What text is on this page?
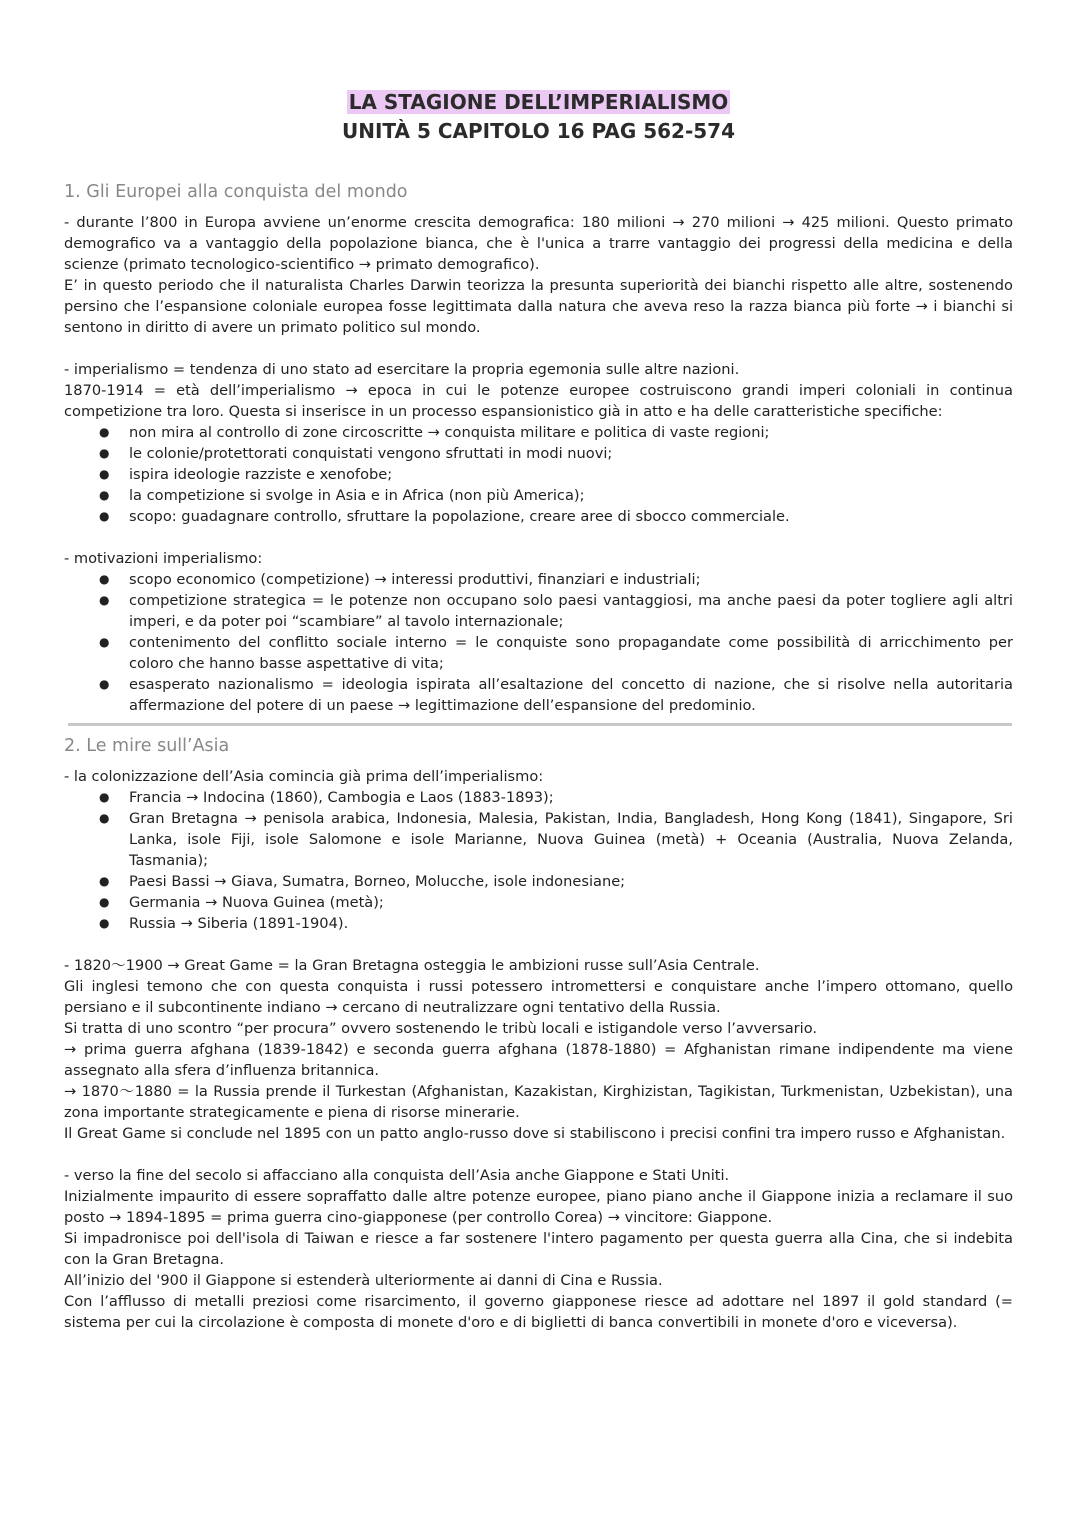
LA STAGIONE DELL’IMPERIALISMO
UNITÀ 5 CAPITOLO 16 PAG 562-574
1. Gli Europei alla conquista del mondo

- durante l’800 in Europa avviene un’enorme crescita demografica: 180 milioni → 270 milioni → 425 milioni. Questo primato demografico va a vantaggio della popolazione bianca, che è l'unica a trarre vantaggio dei progressi della medicina e della scienze (primato tecnologico-scientifico → primato demografico).

E’ in questo periodo che il naturalista Charles Darwin teorizza la presunta superiorità dei bianchi rispetto alle altre, sostenendo persino che l’espansione coloniale europea fosse legittimata dalla natura che aveva reso la razza bianca più forte → i bianchi si sentono in diritto di avere un primato politico sul mondo.

- imperialismo = tendenza di uno stato ad esercitare la propria egemonia sulle altre nazioni.

1870-1914 = età dell’imperialismo → epoca in cui le potenze europee costruiscono grandi imperi coloniali in continua competizione tra loro. Questa si inserisce in un processo espansionistico già in atto e ha delle caratteristiche specifiche:

● non mira al controllo di zone circoscritte → conquista militare e politica di vaste regioni;
● le colonie/protettorati conquistati vengono sfruttati in modi nuovi;
● ispira ideologie razziste e xenofobe;
● la competizione si svolge in Asia e in Africa (non più America);
● scopo: guadagnare controllo, sfruttare la popolazione, creare aree di sbocco commerciale.

- motivazioni imperialismo:

● scopo economico (competizione) → interessi produttivi, finanziari e industriali;
● competizione strategica = le potenze non occupano solo paesi vantaggiosi, ma anche paesi da poter togliere agli altri imperi, e da poter poi “scambiare” al tavolo internazionale;
● contenimento del conflitto sociale interno = le conquiste sono propagandate come possibilità di arricchimento per coloro che hanno basse aspettative di vita;
● esasperato nazionalismo = ideologia ispirata all’esaltazione del concetto di nazione, che si risolve nella autoritaria affermazione del potere di un paese → legittimazione dell’espansione del predominio.
2. Le mire sull’Asia

- la colonizzazione dell’Asia comincia già prima dell’imperialismo:

● Francia → Indocina (1860), Cambogia e Laos (1883-1893);
● Gran Bretagna → penisola arabica, Indonesia, Malesia, Pakistan, India, Bangladesh, Hong Kong (1841), Singapore, Sri Lanka, isole Fiji, isole Salomone e isole Marianne, Nuova Guinea (metà) + Oceania (Australia, Nuova Zelanda, Tasmania);
● Paesi Bassi → Giava, Sumatra, Borneo, Molucche, isole indonesiane;
● Germania → Nuova Guinea (metà);
● Russia → Siberia (1891-1904).

- 1820〜1900 → Great Game = la Gran Bretagna osteggia le ambizioni russe sull’Asia Centrale.

Gli inglesi temono che con questa conquista i russi potessero intromettersi e conquistare anche l’impero ottomano, quello persiano e il subcontinente indiano → cercano di neutralizzare ogni tentativo della Russia.

Si tratta di uno scontro “per procura” ovvero sostenendo le tribù locali e istigandole verso l’avversario.

→ prima guerra afghana (1839-1842) e seconda guerra afghana (1878-1880) = Afghanistan rimane indipendente ma viene assegnato alla sfera d’influenza britannica.

→ 1870〜1880 = la Russia prende il Turkestan (Afghanistan, Kazakistan, Kirghizistan, Tagikistan, Turkmenistan, Uzbekistan), una zona importante strategicamente e piena di risorse minerarie.

Il Great Game si conclude nel 1895 con un patto anglo-russo dove si stabiliscono i precisi confini tra impero russo e Afghanistan.

- verso la fine del secolo si affacciano alla conquista dell’Asia anche Giappone e Stati Uniti.

Inizialmente impaurito di essere sopraffatto dalle altre potenze europee, piano piano anche il Giappone inizia a reclamare il suo posto → 1894-1895 = prima guerra cino-giapponese (per controllo Corea) → vincitore: Giappone.

Si impadronisce poi dell'isola di Taiwan e riesce a far sostenere l'intero pagamento per questa guerra alla Cina, che si indebita con la Gran Bretagna.

All’inizio del '900 il Giappone si estenderà ulteriormente ai danni di Cina e Russia.

Con l’afflusso di metalli preziosi come risarcimento, il governo giapponese riesce ad adottare nel 1897 il gold standard (= sistema per cui la circolazione è composta di monete d'oro e di biglietti di banca convertibili in monete d'oro e viceversa).
